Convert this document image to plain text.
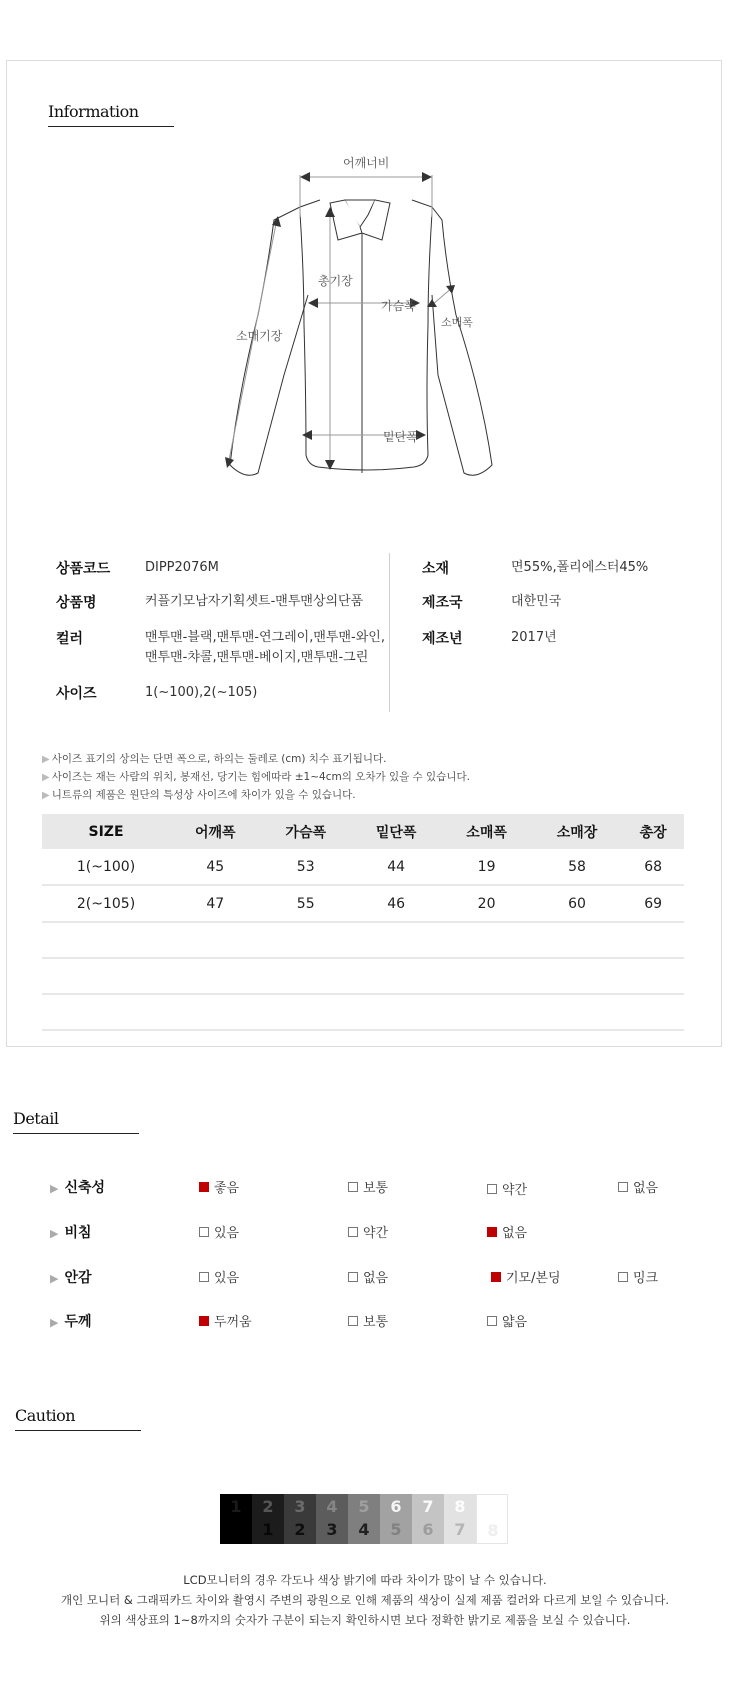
Information
어깨너비
총기장
가슴폭
소매기장
소매폭
밑단폭
상품코드	DIPP2076M
상품명	커플기모남자기획셋트-맨투맨상의단품
컬러	맨투맨-블랙,맨투맨-연그레이,맨투맨-와인,
맨투맨-챠콜,맨투맨-베이지,맨투맨-그린
사이즈	1(~100),2(~105)
소재	면55%,폴리에스터45%
제조국	대한민국
제조년	2017년
▶ 사이즈 표기의 상의는 단면 폭으로, 하의는 둘레로 (cm) 치수 표기됩니다.
▶ 사이즈는 재는 사람의 위치, 봉재선, 당기는 힘에따라 ±1~4cm의 오차가 있을 수 있습니다.
▶ 니트류의 제품은 원단의 특성상 사이즈에 차이가 있을 수 있습니다.
SIZE	어깨폭	가슴폭	밑단폭	소매폭	소매장	총장
1(~100)	45	53	44	19	58	68
2(~105)	47	55	46	20	60	69

Detail
▶ 신축성	좋음	보통	약간	없음
▶ 비침	있음	약간	없음
▶ 안감	있음	없음	기모/본딩	밍크
▶ 두께	두꺼움	보통	얇음
Caution
1	2
1
3
2
4
3
5
4
6
5
7
6
8
7	8
LCD모니터의 경우 각도나 색상 밝기에 따라 차이가 많이 날 수 있습니다.
개인 모니터 & 그래픽카드 차이와 촬영시 주변의 광원으로 인해 제품의 색상이 실제 제품 컬러와 다르게 보일 수 있습니다.
위의 색상표의 1~8까지의 숫자가 구분이 되는지 확인하시면 보다 정확한 밝기로 제품을 보실 수 있습니다.
